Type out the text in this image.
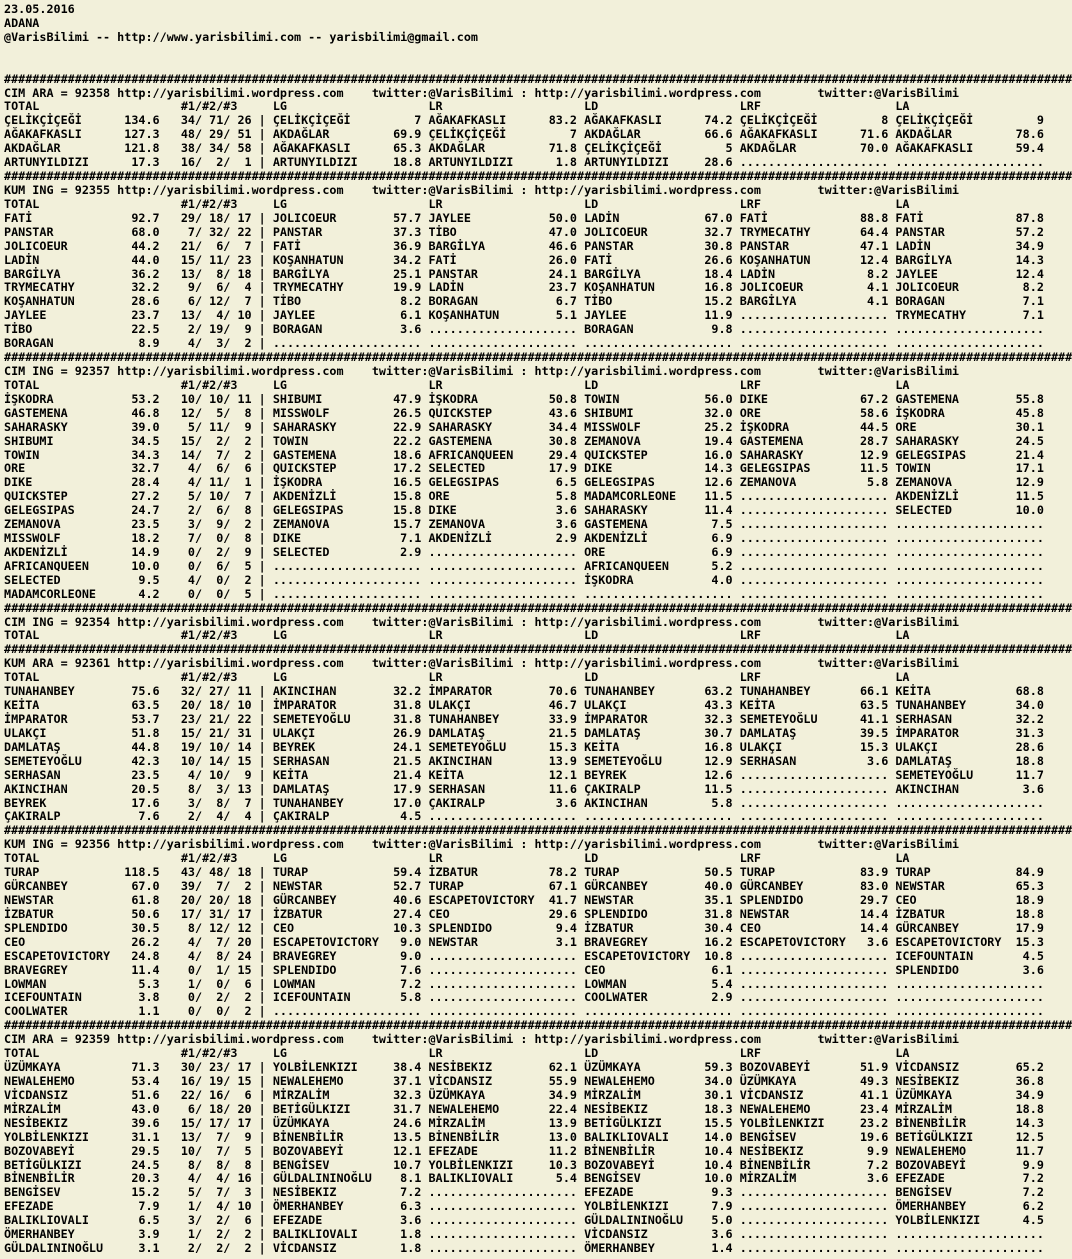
23.05.2016
ADANA
@VarisBilimi -- http://www.yarisbilimi.com -- yarisbilimi@gmail.com

#######################################################################################################################################################
CIM ARA = 92358 http://yarisbilimi.wordpress.com    twitter:@VarisBilimi : http://yarisbilimi.wordpress.com        twitter:@VarisBilimi
TOTAL                    #1/#2/#3     LG                    LR                    LD                    LRF                   LA
ÇELİKÇİÇEĞİ      134.6   34/ 71/ 26 | ÇELİKÇİÇEĞİ         7 AĞAKAFKASLI      83.2 AĞAKAFKASLI      74.2 ÇELİKÇİÇEĞİ         8 ÇELİKÇİÇEĞİ         9
AĞAKAFKASLI      127.3   48/ 29/ 51 | AKDAĞLAR         69.9 ÇELİKÇİÇEĞİ         7 AKDAĞLAR         66.6 AĞAKAFKASLI      71.6 AKDAĞLAR         78.6
AKDAĞLAR         121.8   38/ 34/ 58 | AĞAKAFKASLI      65.3 AKDAĞLAR         71.8 ÇELİKÇİÇEĞİ         5 AKDAĞLAR         70.0 AĞAKAFKASLI      59.4
ARTUNYILDIZI      17.3   16/  2/  1 | ARTUNYILDIZI     18.8 ARTUNYILDIZI      1.8 ARTUNYILDIZI     28.6 ..................... .....................
#######################################################################################################################################################
KUM ING = 92355 http://yarisbilimi.wordpress.com    twitter:@VarisBilimi : http://yarisbilimi.wordpress.com        twitter:@VarisBilimi
TOTAL                    #1/#2/#3     LG                    LR                    LD                    LRF                   LA
FATİ              92.7   29/ 18/ 17 | JOLICOEUR        57.7 JAYLEE           50.0 LADİN            67.0 FATİ             88.8 FATİ             87.8
PANSTAR           68.0    7/ 32/ 22 | PANSTAR          37.3 TİBO             47.0 JOLICOEUR        32.7 TRYMECATHY       64.4 PANSTAR          57.2
JOLICOEUR         44.2   21/  6/  7 | FATİ             36.9 BARGİLYA         46.6 PANSTAR          30.8 PANSTAR          47.1 LADİN            34.9
LADİN             44.0   15/ 11/ 23 | KOŞANHATUN       34.2 FATİ             26.0 FATİ             26.6 KOŞANHATUN       12.4 BARGİLYA         14.3
BARGİLYA          36.2   13/  8/ 18 | BARGİLYA         25.1 PANSTAR          24.1 BARGİLYA         18.4 LADİN             8.2 JAYLEE           12.4
TRYMECATHY        32.2    9/  6/  4 | TRYMECATHY       19.9 LADİN            23.7 KOŞANHATUN       16.8 JOLICOEUR         4.1 JOLICOEUR         8.2
KOŞANHATUN        28.6    6/ 12/  7 | TİBO              8.2 BORAGAN           6.7 TİBO             15.2 BARGİLYA          4.1 BORAGAN           7.1
JAYLEE            23.7   13/  4/ 10 | JAYLEE            6.1 KOŞANHATUN        5.1 JAYLEE           11.9 ..................... TRYMECATHY        7.1
TİBO              22.5    2/ 19/  9 | BORAGAN           3.6 ..................... BORAGAN           9.8 ..................... .....................
BORAGAN            8.9    4/  3/  2 | ..................... ..................... ..................... ..................... .....................
#######################################################################################################################################################
CIM ING = 92357 http://yarisbilimi.wordpress.com    twitter:@VarisBilimi : http://yarisbilimi.wordpress.com        twitter:@VarisBilimi
TOTAL                    #1/#2/#3     LG                    LR                    LD                    LRF                   LA
İŞKODRA           53.2   10/ 10/ 11 | SHIBUMI          47.9 İŞKODRA          50.8 TOWIN            56.0 DIKE             67.2 GASTEMENA        55.8
GASTEMENA         46.8   12/  5/  8 | MISSWOLF         26.5 QUICKSTEP        43.6 SHIBUMI          32.0 ORE              58.6 İŞKODRA          45.8
SAHARASKY         39.0    5/ 11/  9 | SAHARASKY        22.9 SAHARASKY        34.4 MISSWOLF         25.2 İŞKODRA          44.5 ORE              30.1
SHIBUMI           34.5   15/  2/  2 | TOWIN            22.2 GASTEMENA        30.8 ZEMANOVA         19.4 GASTEMENA        28.7 SAHARASKY        24.5
TOWIN             34.3   14/  7/  2 | GASTEMENA        18.6 AFRICANQUEEN     29.4 QUICKSTEP        16.0 SAHARASKY        12.9 GELEGSIPAS       21.4
ORE               32.7    4/  6/  6 | QUICKSTEP        17.2 SELECTED         17.9 DIKE             14.3 GELEGSIPAS       11.5 TOWIN            17.1
DIKE              28.4    4/ 11/  1 | İŞKODRA          16.5 GELEGSIPAS        6.5 GELEGSIPAS       12.6 ZEMANOVA          5.8 ZEMANOVA         12.9
QUICKSTEP         27.2    5/ 10/  7 | AKDENİZLİ        15.8 ORE               5.8 MADAMCORLEONE    11.5 ..................... AKDENİZLİ        11.5
GELEGSIPAS        24.7    2/  6/  8 | GELEGSIPAS       15.8 DIKE              3.6 SAHARASKY        11.4 ..................... SELECTED         10.0
ZEMANOVA          23.5    3/  9/  2 | ZEMANOVA         15.7 ZEMANOVA          3.6 GASTEMENA         7.5 ..................... .....................
MISSWOLF          18.2    7/  0/  8 | DIKE              7.1 AKDENİZLİ         2.9 AKDENİZLİ         6.9 ..................... .....................
AKDENİZLİ         14.9    0/  2/  9 | SELECTED          2.9 ..................... ORE               6.9 ..................... .....................
AFRICANQUEEN      10.0    0/  6/  5 | ..................... ..................... AFRICANQUEEN      5.2 ..................... .....................
SELECTED           9.5    4/  0/  2 | ..................... ..................... İŞKODRA           4.0 ..................... .....................
MADAMCORLEONE      4.2    0/  0/  5 | ..................... ..................... ..................... ..................... .....................
#######################################################################################################################################################
CIM ING = 92354 http://yarisbilimi.wordpress.com    twitter:@VarisBilimi : http://yarisbilimi.wordpress.com        twitter:@VarisBilimi
TOTAL                    #1/#2/#3     LG                    LR                    LD                    LRF                   LA
#######################################################################################################################################################
KUM ARA = 92361 http://yarisbilimi.wordpress.com    twitter:@VarisBilimi : http://yarisbilimi.wordpress.com        twitter:@VarisBilimi
TOTAL                    #1/#2/#3     LG                    LR                    LD                    LRF                   LA
TUNAHANBEY        75.6   32/ 27/ 11 | AKINCIHAN        32.2 İMPARATOR        70.6 TUNAHANBEY       63.2 TUNAHANBEY       66.1 KEİTA            68.8
KEİTA             63.5   20/ 18/ 10 | İMPARATOR        31.8 ULAKÇI           46.7 ULAKÇI           43.3 KEİTA            63.5 TUNAHANBEY       34.0
İMPARATOR         53.7   23/ 21/ 22 | SEMETEYOĞLU      31.8 TUNAHANBEY       33.9 İMPARATOR        32.3 SEMETEYOĞLU      41.1 SERHASAN         32.2
ULAKÇI            51.8   15/ 21/ 31 | ULAKÇI           26.9 DAMLATAŞ         21.5 DAMLATAŞ         30.7 DAMLATAŞ         39.5 İMPARATOR        31.3
DAMLATAŞ          44.8   19/ 10/ 14 | BEYREK           24.1 SEMETEYOĞLU      15.3 KEİTA            16.8 ULAKÇI           15.3 ULAKÇI           28.6
SEMETEYOĞLU       42.3   10/ 14/ 15 | SERHASAN         21.5 AKINCIHAN        13.9 SEMETEYOĞLU      12.9 SERHASAN          3.6 DAMLATAŞ         18.8
SERHASAN          23.5    4/ 10/  9 | KEİTA            21.4 KEİTA            12.1 BEYREK           12.6 ..................... SEMETEYOĞLU      11.7
AKINCIHAN         20.5    8/  3/ 13 | DAMLATAŞ         17.9 SERHASAN         11.6 ÇAKIRALP         11.5 ..................... AKINCIHAN         3.6
BEYREK            17.6    3/  8/  7 | TUNAHANBEY       17.0 ÇAKIRALP          3.6 AKINCIHAN         5.8 ..................... .....................
ÇAKIRALP           7.6    2/  4/  4 | ÇAKIRALP          4.5 ..................... ..................... ..................... .....................
#######################################################################################################################################################
KUM ING = 92356 http://yarisbilimi.wordpress.com    twitter:@VarisBilimi : http://yarisbilimi.wordpress.com        twitter:@VarisBilimi
TOTAL                    #1/#2/#3     LG                    LR                    LD                    LRF                   LA
TURAP            118.5   43/ 48/ 18 | TURAP            59.4 İZBATUR          78.2 TURAP            50.5 TURAP            83.9 TURAP            84.9
GÜRCANBEY         67.0   39/  7/  2 | NEWSTAR          52.7 TURAP            67.1 GÜRCANBEY        40.0 GÜRCANBEY        83.0 NEWSTAR          65.3
NEWSTAR           61.8   20/ 20/ 18 | GÜRCANBEY        40.6 ESCAPETOVICTORY  41.7 NEWSTAR          35.1 SPLENDIDO        29.7 CEO              18.9
İZBATUR           50.6   17/ 31/ 17 | İZBATUR          27.4 CEO              29.6 SPLENDIDO        31.8 NEWSTAR          14.4 İZBATUR          18.8
SPLENDIDO         30.5    8/ 12/ 12 | CEO              10.3 SPLENDIDO         9.4 İZBATUR          30.4 CEO              14.4 GÜRCANBEY        17.9
CEO               26.2    4/  7/ 20 | ESCAPETOVICTORY   9.0 NEWSTAR           3.1 BRAVEGREY        16.2 ESCAPETOVICTORY   3.6 ESCAPETOVICTORY  15.3
ESCAPETOVICTORY   24.8    4/  8/ 24 | BRAVEGREY         9.0 ..................... ESCAPETOVICTORY  10.8 ..................... ICEFOUNTAIN       4.5
BRAVEGREY         11.4    0/  1/ 15 | SPLENDIDO         7.6 ..................... CEO               6.1 ..................... SPLENDIDO         3.6
LOWMAN             5.3    1/  0/  6 | LOWMAN            7.2 ..................... LOWMAN            5.4 ..................... .....................
ICEFOUNTAIN        3.8    0/  2/  2 | ICEFOUNTAIN       5.8 ..................... COOLWATER         2.9 ..................... .....................
COOLWATER          1.1    0/  0/  2 | ..................... ..................... ..................... ..................... .....................
#######################################################################################################################################################
CIM ARA = 92359 http://yarisbilimi.wordpress.com    twitter:@VarisBilimi : http://yarisbilimi.wordpress.com        twitter:@VarisBilimi
TOTAL                    #1/#2/#3     LG                    LR                    LD                    LRF                   LA
ÜZÜMKAYA          71.3   30/ 23/ 17 | YOLBİLENKIZI     38.4 NESİBEKIZ        62.1 ÜZÜMKAYA         59.3 BOZOVABEYİ       51.9 VİCDANSIZ        65.2
NEWALEHEMO        53.4   16/ 19/ 15 | NEWALEHEMO       37.1 VİCDANSIZ        55.9 NEWALEHEMO       34.0 ÜZÜMKAYA         49.3 NESİBEKIZ        36.8
VİCDANSIZ         51.6   22/ 16/  6 | MİRZALİM         32.3 ÜZÜMKAYA         34.9 MİRZALİM         30.1 VİCDANSIZ        41.1 ÜZÜMKAYA         34.9
MİRZALİM          43.0    6/ 18/ 20 | BETİGÜLKIZI      31.7 NEWALEHEMO       22.4 NESİBEKIZ        18.3 NEWALEHEMO       23.4 MİRZALİM         18.8
NESİBEKIZ         39.6   15/ 17/ 17 | ÜZÜMKAYA         24.6 MİRZALİM         13.9 BETİGÜLKIZI      15.5 YOLBİLENKIZI     23.2 BİNENBİLİR       14.3
YOLBİLENKIZI      31.1   13/  7/  9 | BİNENBİLİR       13.5 BİNENBİLİR       13.0 BALIKLIOVALI     14.0 BENGİSEV         19.6 BETİGÜLKIZI      12.5
BOZOVABEYİ        29.5   10/  7/  5 | BOZOVABEYİ       12.1 EFEZADE          11.2 BİNENBİLİR       10.4 NESİBEKIZ         9.9 NEWALEHEMO       11.7
BETİGÜLKIZI       24.5    8/  8/  8 | BENGİSEV         10.7 YOLBİLENKIZI     10.3 BOZOVABEYİ       10.4 BİNENBİLİR        7.2 BOZOVABEYİ        9.9
BİNENBİLİR        20.3    4/  4/ 16 | GÜLDALININOĞLU    8.1 BALIKLIOVALI      5.4 BENGİSEV         10.0 MİRZALİM          3.6 EFEZADE           7.2
BENGİSEV          15.2    5/  7/  3 | NESİBEKIZ         7.2 ..................... EFEZADE           9.3 ..................... BENGİSEV          7.2
EFEZADE            7.9    1/  4/ 10 | ÖMERHANBEY        6.3 ..................... YOLBİLENKIZI      7.9 ..................... ÖMERHANBEY        6.2
BALIKLIOVALI       6.5    3/  2/  6 | EFEZADE           3.6 ..................... GÜLDALININOĞLU    5.0 ..................... YOLBİLENKIZI      4.5
ÖMERHANBEY         3.9    1/  2/  2 | BALIKLIOVALI      1.8 ..................... VİCDANSIZ         3.6 ..................... .....................
GÜLDALININOĞLU     3.1    2/  2/  2 | VİCDANSIZ         1.8 ..................... ÖMERHANBEY        1.4 ..................... .....................
